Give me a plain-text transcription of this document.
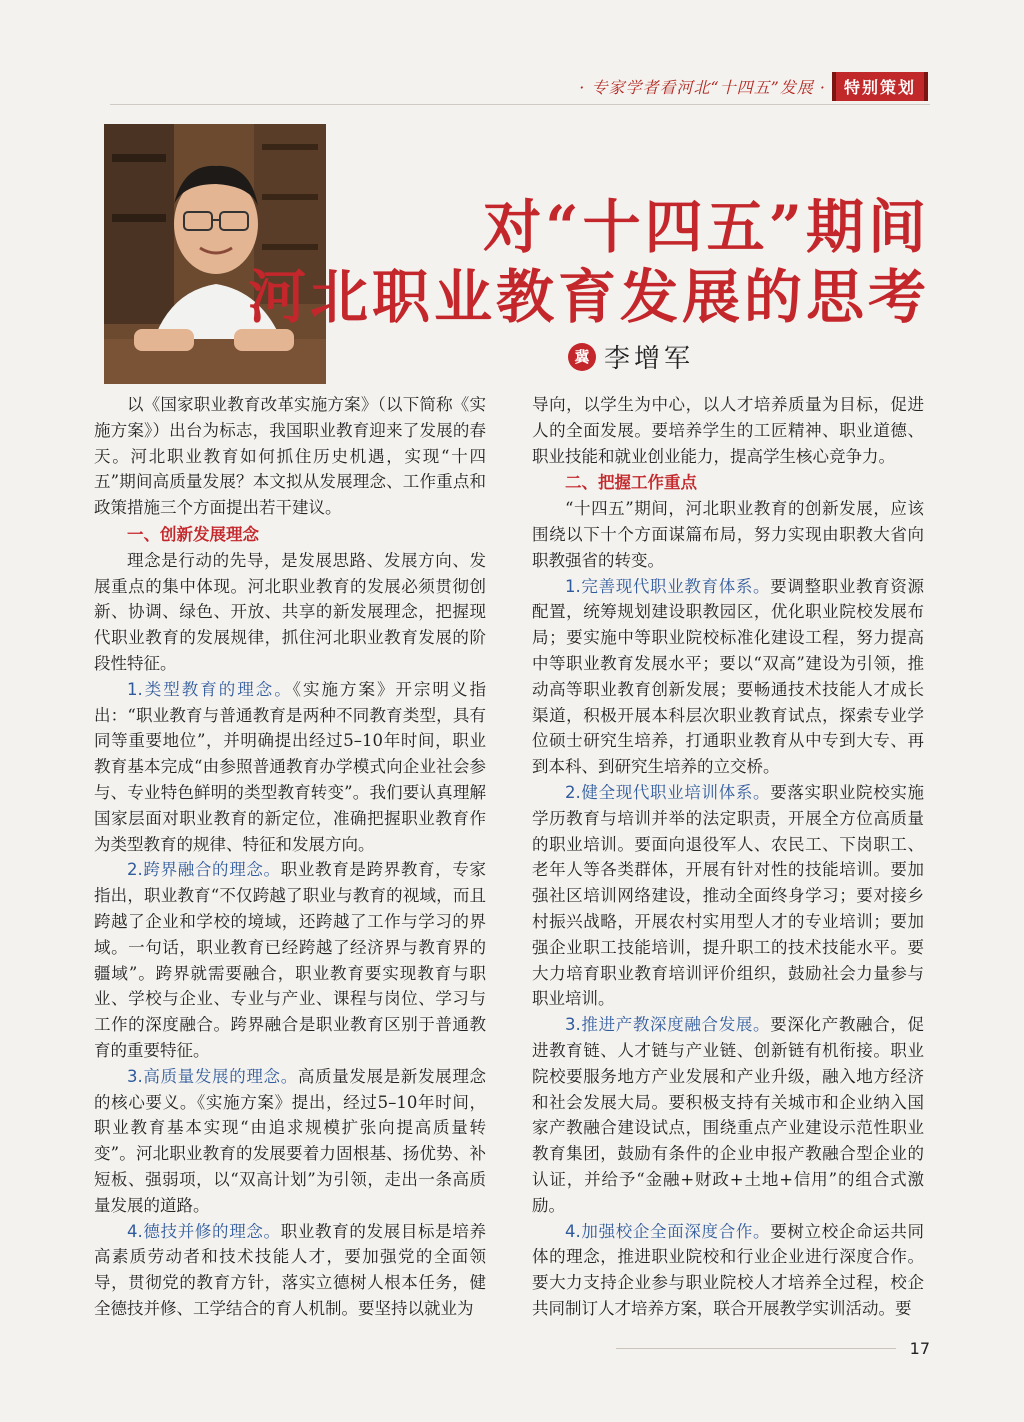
· 专家学者看河北“十四五”发展 ·	特别策划
对“十四五”期间
河北职业教育发展的思考
冀 李增军

以《国家职业教育改革实施方案》（以下简称《实施方案》）出台为标志，我国职业教育迎来了发展的春天。河北职业教育如何抓住历史机遇，实现“十四五”期间高质量发展？本文拟从发展理念、工作重点和政策措施三个方面提出若干建议。

一、创新发展理念

理念是行动的先导，是发展思路、发展方向、发展重点的集中体现。河北职业教育的发展必须贯彻创新、协调、绿色、开放、共享的新发展理念，把握现代职业教育的发展规律，抓住河北职业教育发展的阶段性特征。

1.类型教育的理念。《实施方案》开宗明义指出：“职业教育与普通教育是两种不同教育类型，具有同等重要地位”，并明确提出经过5–10年时间，职业教育基本完成“由参照普通教育办学模式向企业社会参与、专业特色鲜明的类型教育转变”。我们要认真理解国家层面对职业教育的新定位，准确把握职业教育作为类型教育的规律、特征和发展方向。

2.跨界融合的理念。职业教育是跨界教育，专家指出，职业教育“不仅跨越了职业与教育的视域，而且跨越了企业和学校的境域，还跨越了工作与学习的界域。一句话，职业教育已经跨越了经济界与教育界的疆域”。跨界就需要融合，职业教育要实现教育与职业、学校与企业、专业与产业、课程与岗位、学习与工作的深度融合。跨界融合是职业教育区别于普通教育的重要特征。

3.高质量发展的理念。高质量发展是新发展理念的核心要义。《实施方案》提出，经过5–10年时间，职业教育基本实现“由追求规模扩张向提高质量转变”。河北职业教育的发展要着力固根基、扬优势、补短板、强弱项，以“双高计划”为引领，走出一条高质量发展的道路。

4.德技并修的理念。职业教育的发展目标是培养高素质劳动者和技术技能人才，要加强党的全面领导，贯彻党的教育方针，落实立德树人根本任务，健全德技并修、工学结合的育人机制。要坚持以就业为

导向，以学生为中心，以人才培养质量为目标，促进人的全面发展。要培养学生的工匠精神、职业道德、职业技能和就业创业能力，提高学生核心竞争力。

二、把握工作重点

“十四五”期间，河北职业教育的创新发展，应该围绕以下十个方面谋篇布局，努力实现由职教大省向职教强省的转变。

1.完善现代职业教育体系。要调整职业教育资源配置，统筹规划建设职教园区，优化职业院校发展布局；要实施中等职业院校标准化建设工程，努力提高中等职业教育发展水平；要以“双高”建设为引领，推动高等职业教育创新发展；要畅通技术技能人才成长渠道，积极开展本科层次职业教育试点，探索专业学位硕士研究生培养，打通职业教育从中专到大专、再到本科、到研究生培养的立交桥。

2.健全现代职业培训体系。要落实职业院校实施学历教育与培训并举的法定职责，开展全方位高质量的职业培训。要面向退役军人、农民工、下岗职工、老年人等各类群体，开展有针对性的技能培训。要加强社区培训网络建设，推动全面终身学习；要对接乡村振兴战略，开展农村实用型人才的专业培训；要加强企业职工技能培训，提升职工的技术技能水平。要大力培育职业教育培训评价组织，鼓励社会力量参与职业培训。

3.推进产教深度融合发展。要深化产教融合，促进教育链、人才链与产业链、创新链有机衔接。职业院校要服务地方产业发展和产业升级，融入地方经济和社会发展大局。要积极支持有关城市和企业纳入国家产教融合建设试点，围绕重点产业建设示范性职业教育集团，鼓励有条件的企业申报产教融合型企业的认证，并给予“金融+财政+土地+信用”的组合式激励。

4.加强校企全面深度合作。要树立校企命运共同体的理念，推进职业院校和行业企业进行深度合作。要大力支持企业参与职业院校人才培养全过程，校企共同制订人才培养方案，联合开展教学实训活动。要

17
